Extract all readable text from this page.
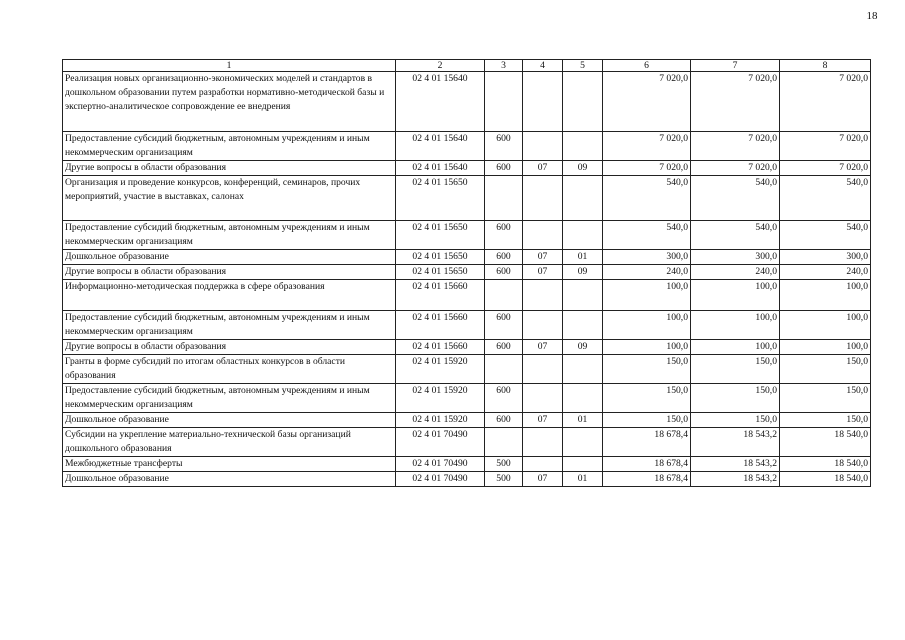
18
1	2	3	4	5	6	7	8
Реализация новых организационно-экономических моделей и стандартов в дошкольном образовании путем разработки нормативно-методической базы и экспертно-аналитическое сопровождение ее внедрения	02 4 01 15640				7 020,0	7 020,0	7 020,0
Предоставление субсидий бюджетным, автономным учреждениям и иным некоммерческим организациям	02 4 01 15640	600			7 020,0	7 020,0	7 020,0
Другие вопросы в области образования	02 4 01 15640	600	07	09	7 020,0	7 020,0	7 020,0
Организация и проведение конкурсов, конференций, семинаров, прочих мероприятий, участие в выставках, салонах	02 4 01 15650				540,0	540,0	540,0
Предоставление субсидий бюджетным, автономным учреждениям и иным некоммерческим организациям	02 4 01 15650	600			540,0	540,0	540,0
Дошкольное образование	02 4 01 15650	600	07	01	300,0	300,0	300,0
Другие вопросы в области образования	02 4 01 15650	600	07	09	240,0	240,0	240,0
Информационно-методическая поддержка в сфере образования	02 4 01 15660				100,0	100,0	100,0
Предоставление субсидий бюджетным, автономным учреждениям и иным некоммерческим организациям	02 4 01 15660	600			100,0	100,0	100,0
Другие вопросы в области образования	02 4 01 15660	600	07	09	100,0	100,0	100,0
Гранты в форме субсидий по итогам областных конкурсов в области образования	02 4 01 15920				150,0	150,0	150,0
Предоставление субсидий бюджетным, автономным учреждениям и иным некоммерческим организациям	02 4 01 15920	600			150,0	150,0	150,0
Дошкольное образование	02 4 01 15920	600	07	01	150,0	150,0	150,0
Субсидии на укрепление материально-технической базы организаций дошкольного образования	02 4 01 70490				18 678,4	18 543,2	18 540,0
Межбюджетные трансферты	02 4 01 70490	500			18 678,4	18 543,2	18 540,0
Дошкольное образование	02 4 01 70490	500	07	01	18 678,4	18 543,2	18 540,0
